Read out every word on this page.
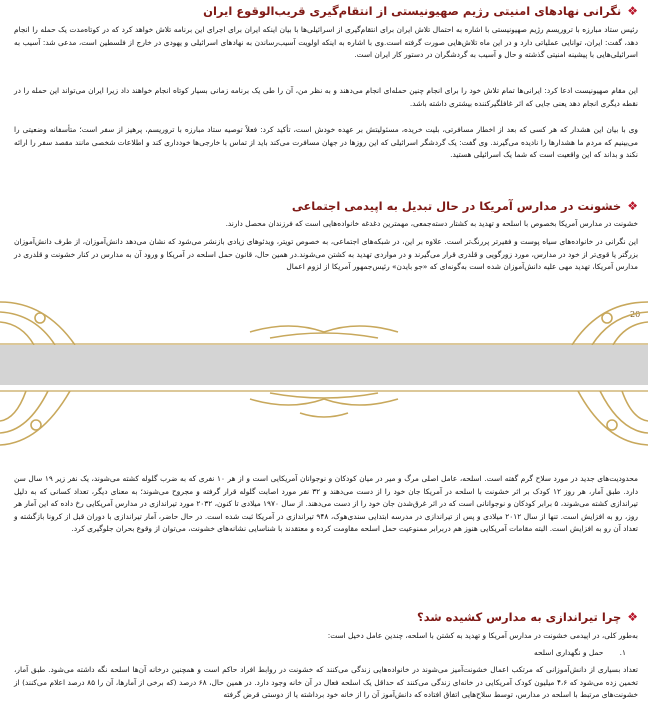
❖نگرانی نهادهای امنیتی رژیم صهیونیستی از انتقام‌گیری قریب‌الوقوع ایران
رئیس ستاد مبارزه با تروریسم رژیم صهیونیستی با اشاره به احتمال تلاش ایران برای انتقام‌گیری از اسرائیلی‌ها با بیان اینکه ایران برای اجرای این برنامه تلاش خواهد کرد که در کوتاه‌مدت یک حمله را انجام دهد، گفت: ایران، توانایی عملیاتی دارد و در این ماه تلاش‌هایی صورت گرفته است.وی با اشاره به اینکه اولویت آسیب‌رساندن به نهادهای اسرائیلی و یهودی در خارج از فلسطین است، مدعی شد: آسیب به اسرائیلی‌هایی با پیشینه امنیتی گذشته و حال و آسیب به گردشگران در دستور کار ایران است.
این مقام صهیونیست ادعا کرد: ایرانی‌ها تمام تلاش خود را برای انجام چنین حمله‌ای انجام می‌دهند و به نظر من، آن را طی یک برنامه زمانی بسیار کوتاه انجام خواهند داد زیرا ایران می‌تواند این حمله را در نقطه دیگری انجام دهد یعنی جایی که اثر غافلگیرکننده بیشتری داشته باشد.
وی با بیان این هشدار که هر کسی که بعد از اخطار مسافرتی، بلیت خریده، مسئولیتش بر عهده خودش است، تأکید کرد: فعلاً توصیه ستاد مبارزه با تروریسم، پرهیز از سفر است؛ متأسفانه وضعیتی را می‌بینیم که مردم ما هشدارها را نادیده می‌گیرند. وی گفت: یک گردشگر اسرائیلی که این روزها در جهان مسافرت می‌کند باید از تماس با خارجی‌ها خودداری کند و اطلاعات شخصی مانند مقصد سفر را ارائه نکند و بداند که این واقعیت است که شما یک اسرائیلی هستید.
❖خشونت در مدارس آمریکا در حال تبدیل به اپیدمی اجتماعی
خشونت در مدارس آمریکا بخصوص با اسلحه و تهدید به کشتار دسته‌جمعی، مهمترین دغدغه خانواده‌هایی است که فرزندان محصل دارند.
این نگرانی در خانواده‌های سیاه پوست و فقیرتر پررنگ‌تر است. علاوه بر این، در شبکه‌های اجتماعی، به خصوص تویتر، ویدئوهای زیادی بازنشر می‌شود که نشان می‌دهد دانش‌آموزان، از طرف دانش‌آموزان بزرگتر یا قوی‌تر از خود در مدارس، مورد زورگویی و قلدری قرار می‌گیرند و در مواردی تهدید به کشتن می‌شوند.در همین حال، قانون حمل اسلحه در آمریکا و ورود آن به مدارس در کنار خشونت و قلدری در مدارس آمریکا، تهدید مهی علیه دانش‌آموزان شده است به‌گونه‌ای که «جو بایدن» رئیس‌جمهور آمریکا از لزوم اعمال
20
محدودیت‌های جدید در مورد سلاح گرم گفته است. اسلحه، عامل اصلی مرگ و میر در میان کودکان و نوجوانان آمریکایی است و از هر ۱۰ نفری که به ضرب گلوله کشته می‌شوند، یک نفر زیر ۱۹ سال سن دارد. طبق آمار، هر روز ۱۲ کودک بر اثر خشونت با اسلحه در آمریکا جان خود را از دست می‌دهند و ۳۲ نفر مورد اصابت گلوله قرار گرفته و مجروح می‌شوند؛ به معنای دیگر، تعداد کسانی که به دلیل تیراندازی کشته می‌شوند، ۵ برابر کودکان و نوجوانانی است که در اثر غرق‌شدن جان خود را از دست می‌دهند. از سال ۱۹۷۰ میلادی تا کنون، ۲۰۳۲ مورد تیراندازی در مدارس آمریکایی رخ داده که این آمار هر روز، رو به افزایش است. تنها از سال ۲۰۱۲ میلادی و پس از تیراندازی در مدرسه ابتدایی سندی‌هوک، ۹۴۸ تیراندازی در آمریکا ثبت شده است. در حال حاضر، آمار تیراندازی با دوران قبل از کرونا بازگشته و تعداد آن رو به افزایش است. البته مقامات آمریکایی هنوز هم دربرابر ممنوعیت حمل اسلحه مقاومت کرده و معتقدند با شناسایی نشانه‌های خشونت، می‌توان از وقوع بحران جلوگیری کرد.
❖چرا تیراندازی به مدارس کشیده شد؟
به‌طور کلی، در اپیدمی خشونت در مدارس آمریکا و تهدید به کشتن با اسلحه، چندین عامل دخیل است:
۱. حمل و نگهداری اسلحه
تعداد بسیاری از دانش‌آموزانی که مرتکب اعمال خشونت‌آمیز می‌شوند در خانواده‌هایی زندگی می‌کنند که خشونت در روابط افراد حاکم است و همچنین درخانه آن‌ها اسلحه نگه داشته می‌شود. طبق آمار، تخمین زده می‌شود که ۴،۶ میلیون کودک آمریکایی در خانه‌ای زندگی می‌کنند که حداقل یک اسلحه فعال در آن خانه وجود دارد. در همین حال، ۶۸ درصد (که برخی از آمارها، آن را ۸۵ درصد اعلام می‌کنند) از خشونت‌های مرتبط با اسلحه در مدارس، توسط سلاح‌هایی اتفاق افتاده که دانش‌آموز آن را از خانه خود برداشته یا از دوستی قرض گرفته
